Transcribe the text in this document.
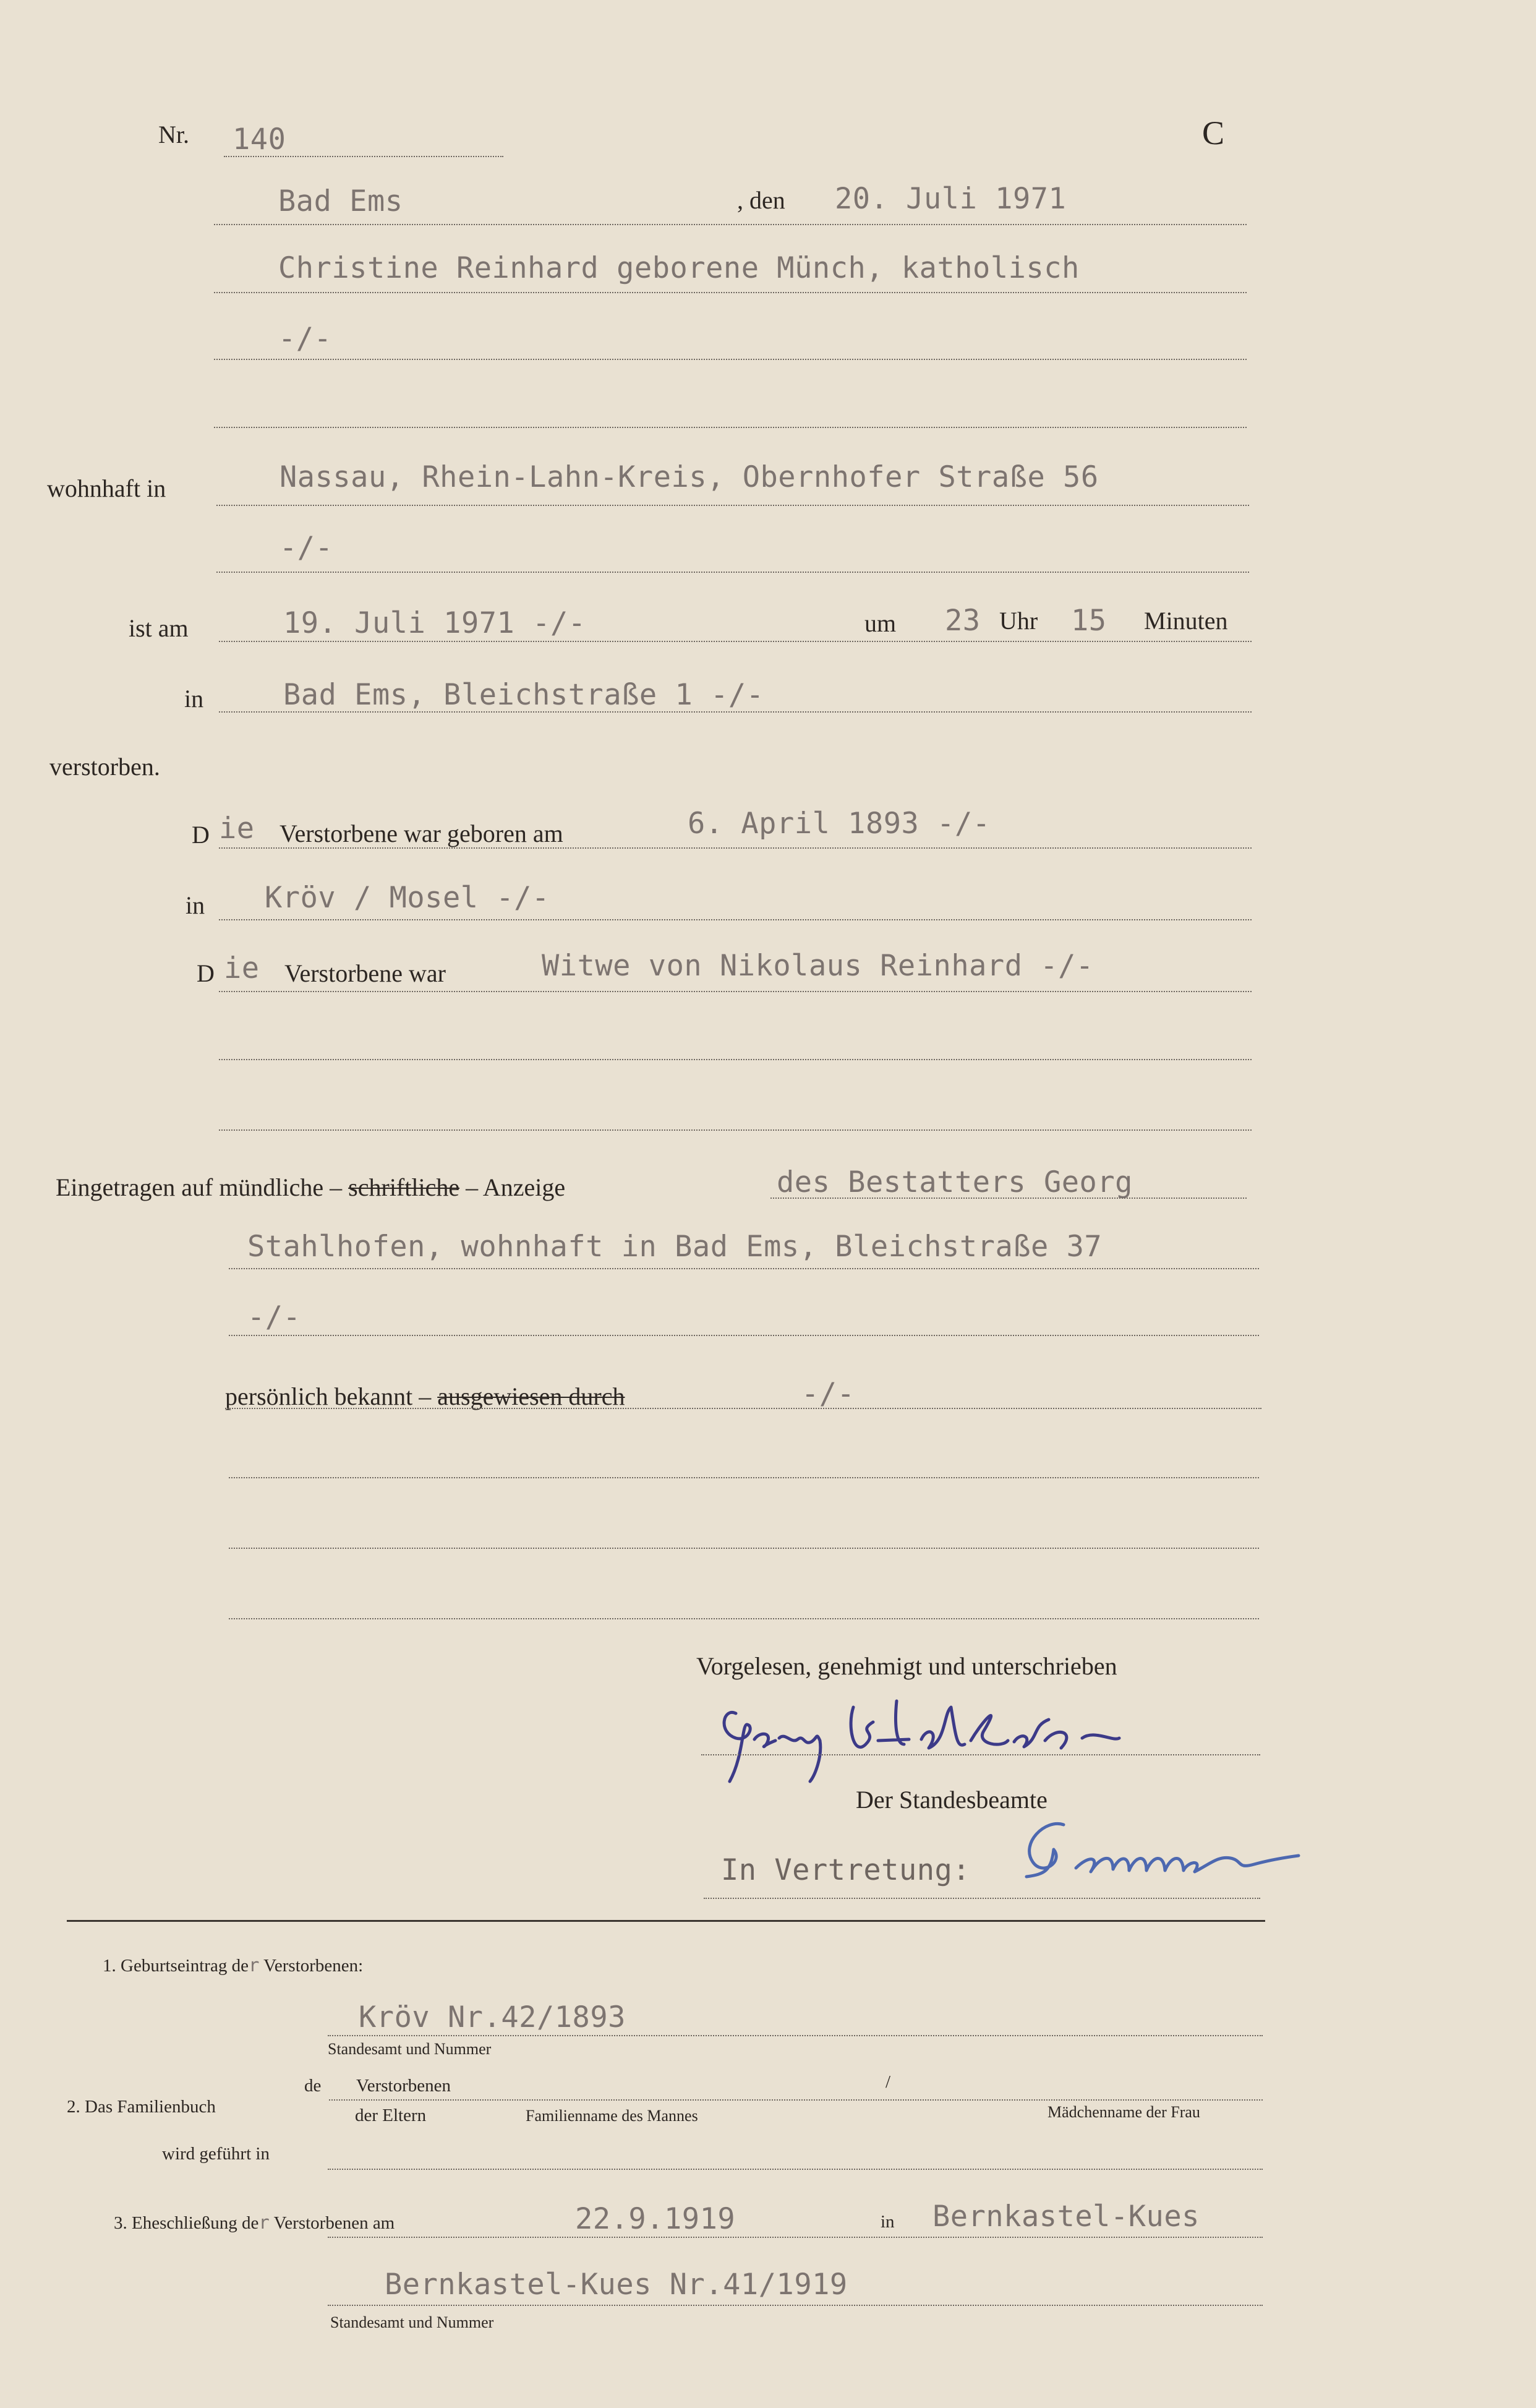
Nr. 140	C
Bad Ems	, den 20. Juli 1971
Christine Reinhard geborene Münch, katholisch
-/-
wohnhaft in	Nassau, Rhein-Lahn-Kreis, Obernhofer Straße 56
-/-
ist am	19. Juli 1971 -/-	um 23 Uhr 15 Minuten
in	Bad Ems, Bleichstraße 1 -/-
verstorben.
D ie Verstorbene war geboren am	6. April 1893 -/-
in Kröv / Mosel -/-
D ie Verstorbene war	Witwe von Nikolaus Reinhard -/-
Eingetragen auf mündliche – schriftliche – Anzeige	des Bestatters Georg
Stahlhofen, wohnhaft in Bad Ems, Bleichstraße 37
-/-
persönlich bekannt – ausgewiesen durch	-/-
Vorgelesen, genehmigt und unterschrieben
Der Standesbeamte
In Vertretung:
1. Geburtseintrag der Verstorbenen:
Kröv Nr.42/1893
Standesamt und Nummer
de Verstorbenen	/
2. Das Familienbuch	der Eltern	Familienname des Mannes	Mädchenname der Frau
wird geführt in
3. Eheschließung der Verstorbenen am	22.9.1919	in Bernkastel-Kues
Bernkastel-Kues Nr.41/1919
Standesamt und Nummer
